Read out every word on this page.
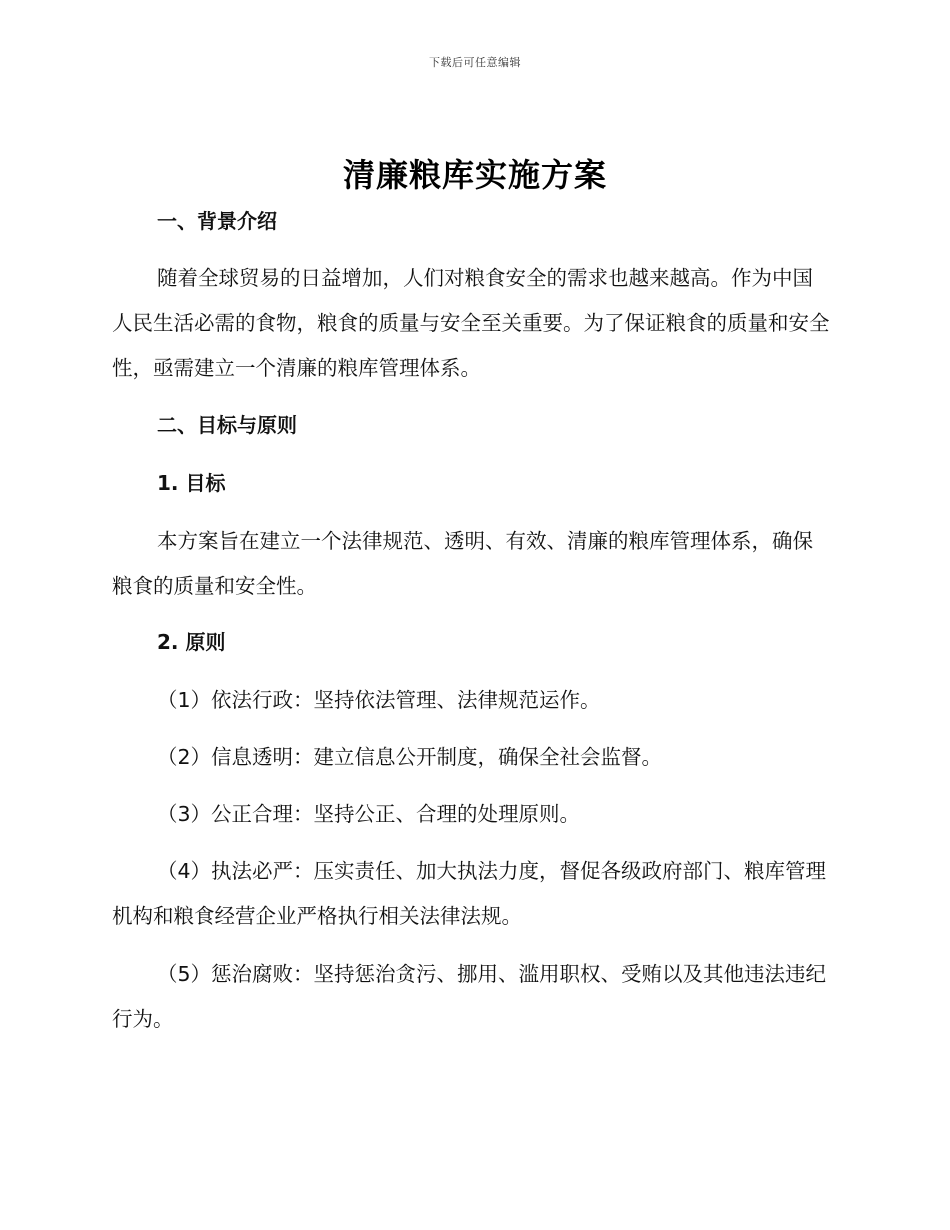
下载后可任意编辑
清廉粮库实施方案

一、背景介绍

随着全球贸易的日益增加，人们对粮食安全的需求也越来越高。作为中国人民生活必需的食物，粮食的质量与安全至关重要。为了保证粮食的质量和安全性，亟需建立一个清廉的粮库管理体系。

二、目标与原则

1. 目标

本方案旨在建立一个法律规范、透明、有效、清廉的粮库管理体系，确保粮食的质量和安全性。

2. 原则

（1）依法行政：坚持依法管理、法律规范运作。

（2）信息透明：建立信息公开制度，确保全社会监督。

（3）公正合理：坚持公正、合理的处理原则。

（4）执法必严：压实责任、加大执法力度，督促各级政府部门、粮库管理机构和粮食经营企业严格执行相关法律法规。

（5）惩治腐败：坚持惩治贪污、挪用、滥用职权、受贿以及其他违法违纪行为。
